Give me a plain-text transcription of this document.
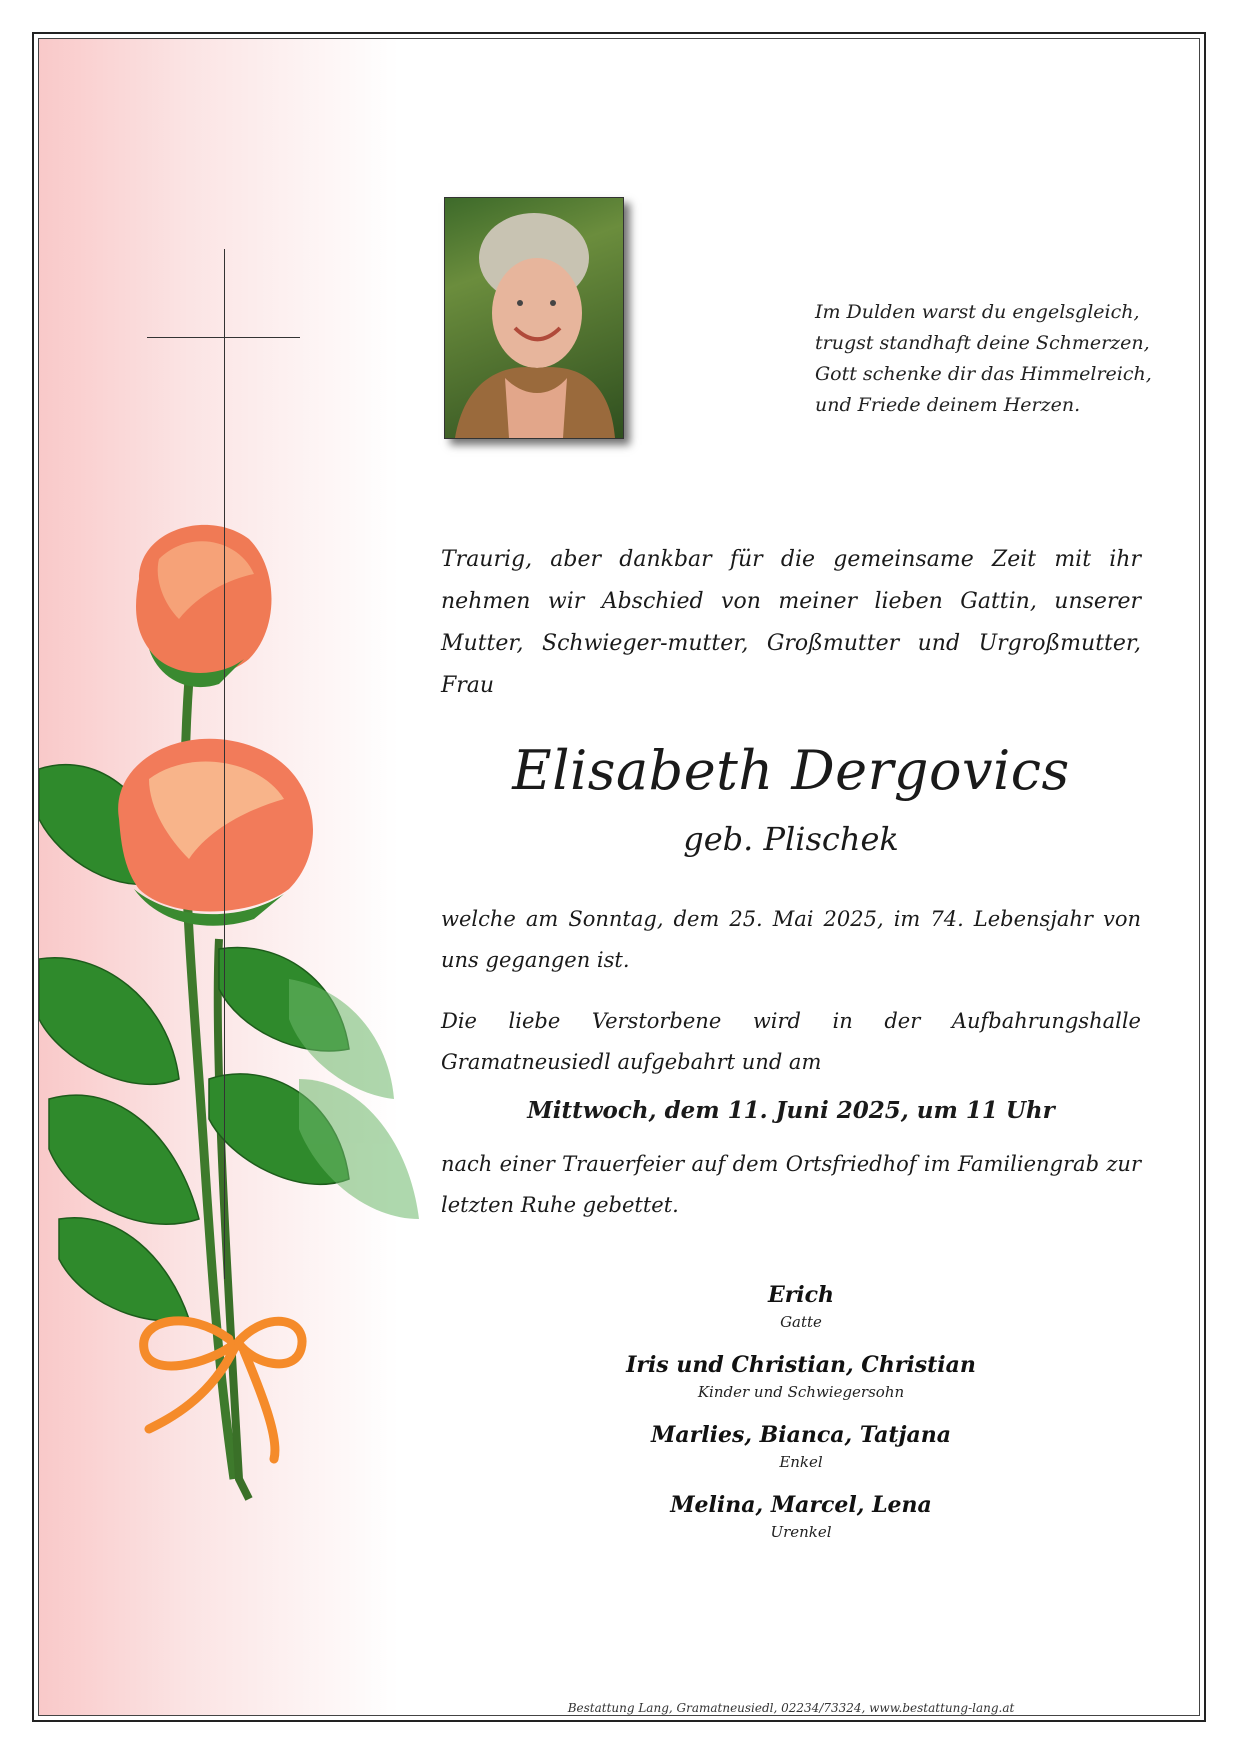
Im Dulden warst du engelsgleich,
trugst standhaft deine Schmerzen,
Gott schenke dir das Himmelreich,
und Friede deinem Herzen.
Traurig, aber dankbar für die gemeinsame Zeit mit ihr nehmen wir Abschied von meiner lieben Gattin, unserer Mutter, Schwieger-mutter, Großmutter und Urgroßmutter, Frau
Elisabeth Dergovics
geb. Plischek
welche am Sonntag, dem 25. Mai 2025, im 74. Lebensjahr von uns gegangen ist.
Die liebe Verstorbene wird in der Aufbahrungshalle Gramatneusiedl aufgebahrt und am
Mittwoch, dem 11. Juni 2025, um 11 Uhr
nach einer Trauerfeier auf dem Ortsfriedhof im Familiengrab zur letzten Ruhe gebettet.
Erich
Gatte
Iris und Christian, Christian
Kinder und Schwiegersohn
Marlies, Bianca, Tatjana
Enkel
Melina, Marcel, Lena
Urenkel
Bestattung Lang, Gramatneusiedl, 02234/73324, www.bestattung-lang.at
